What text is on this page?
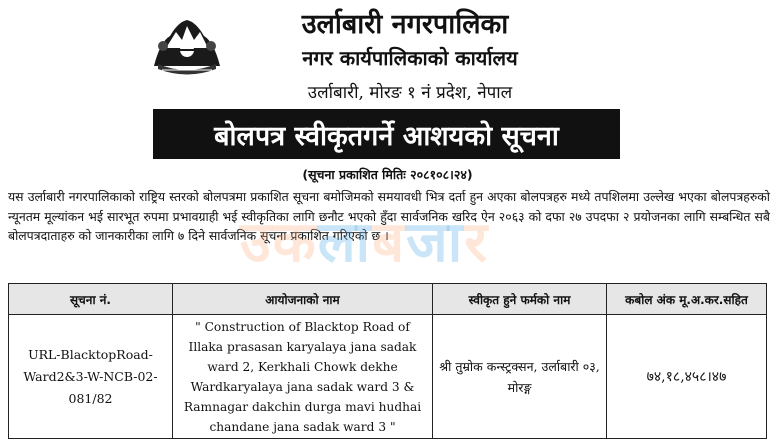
उर्लाबारी नगरपालिका
नगर कार्यपालिकाको कार्यालय
उर्लाबारी, मोरङ १ नं प्रदेश, नेपाल
बोलपत्र स्वीकृतगर्ने आशयको सूचना
(सूचना प्रकाशित मितिः २०८१०८।२४)
यस उर्लाबारी नगरपालिकाको राष्ट्रिय स्तरको बोलपत्रमा प्रकाशित सूचना बमोजिमको समयावधी भित्र दर्ता हुन अएका बोलपत्रहरु मध्ये तपशिलमा उल्लेख भएका बोलपत्रहरुको न्यूनतम मूल्यांकन भई सारभूत रुपमा प्रभावग्राही भई स्वीकृतिका लागि छनौट भएको हुँदा सार्वजनिक खरिद ऐन २०६३ को दफा २७ उपदफा २ प्रयोजनका लागि सम्बन्धित सबै बोलपत्रदाताहरु को जानकारीका लागि ७ दिने सार्वजनिक सूचना प्रकाशित गरिएको छ ।
उकलाबजार
सूचना नं.	आयोजनाको नाम	स्वीकृत हुने फर्मको नाम	कबोल अंक मू.अ.कर.सहित
URL-BlacktopRoad-Ward2&3-W-NCB-02-081/82	" Construction of Blacktop Road of Illaka prasasan karyalaya jana sadak ward 2, Kerkhali Chowk dekhe Wardkaryalaya jana sadak ward 3 & Ramnagar dakchin durga mavi hudhai chandane jana sadak ward 3 "	श्री तुम्रोक कन्स्ट्रक्सन, उर्लाबारी ०३, मोरङ्ग	७४,१८,४५८।४७
